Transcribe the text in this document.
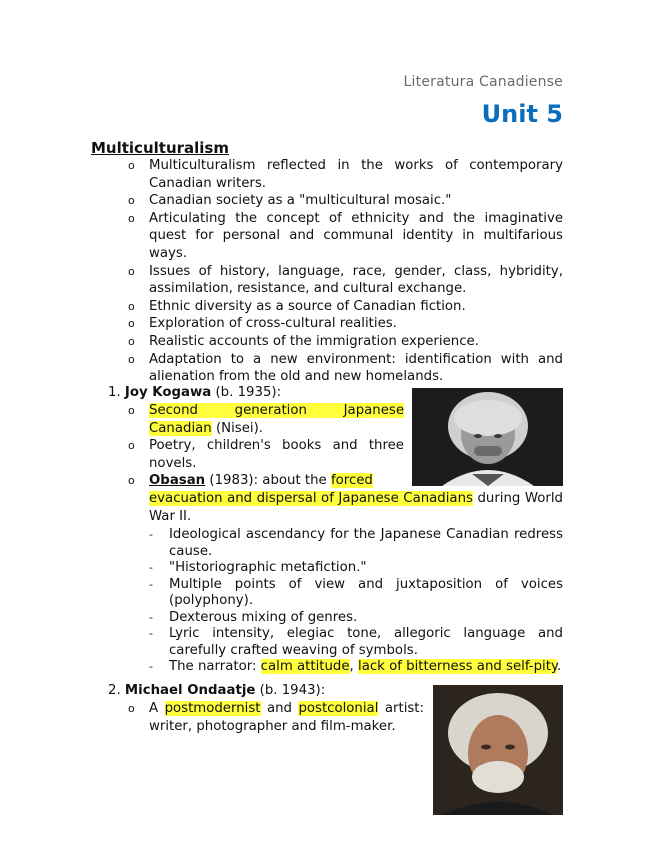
Literatura Canadiense
Unit 5
Multiculturalism
o Multiculturalism reflected in the works of contemporary Canadian writers.
o Canadian society as a "multicultural mosaic."
o Articulating the concept of ethnicity and the imaginative quest for personal and communal identity in multifarious ways.
o Issues of history, language, race, gender, class, hybridity, assimilation, resistance, and cultural exchange.
o Ethnic diversity as a source of Canadian fiction.
o Exploration of cross-cultural realities.
o Realistic accounts of the immigration experience.
o Adaptation to a new environment: identification with and alienation from the old and new homelands.
1. Joy Kogawa (b. 1935):
o Second generation Japanese Canadian (Nisei).
o Poetry, children's books and three novels.
o Obasan (1983): about the forced
evacuation and dispersal of Japanese Canadians during World War II.
- Ideological ascendancy for the Japanese Canadian redress cause.
- "Historiographic metafiction."
- Multiple points of view and juxtaposition of voices (polyphony).
- Dexterous mixing of genres.
- Lyric intensity, elegiac tone, allegoric language and carefully crafted weaving of symbols.
- The narrator: calm attitude, lack of bitterness and self-pity.
2. Michael Ondaatje (b. 1943):
o A postmodernist and postcolonial artist: writer, photographer and film-maker.
